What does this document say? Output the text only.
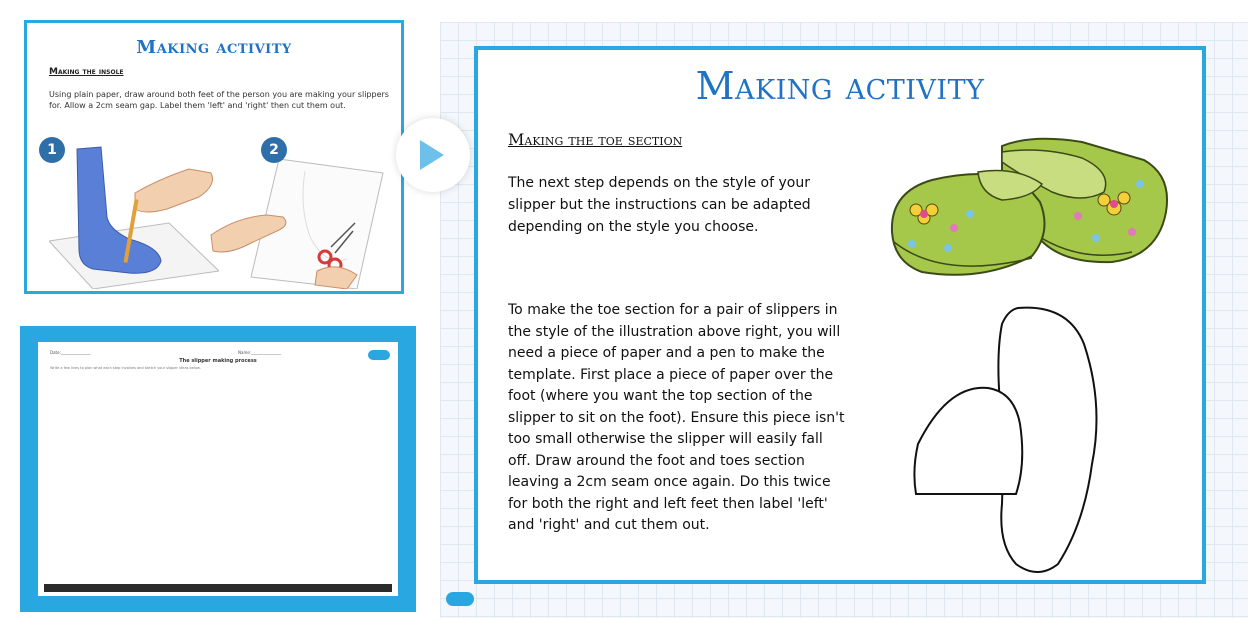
Making activity
Making the insole
Using plain paper, draw around both feet of the person you are making your slippers for. Allow a 2cm seam gap. Label them 'left' and 'right' then cut them out.
1	2
Date:_______________	Name:_______________
The slipper making process
Write a few lines to plan what each step involves and sketch your slipper ideas below.
Making activity
Making the toe section
The next step depends on the style of your slipper but the instructions can be adapted depending on the style you choose.
To make the toe section for a pair of slippers in the style of the illustration above right, you will need a piece of paper and a pen to make the template. First place a piece of paper over the foot (where you want the top section of the slipper to sit on the foot). Ensure this piece isn't too small otherwise the slipper will easily fall off. Draw around the foot and toes section leaving a 2cm seam once again. Do this twice for both the right and left feet then label 'left' and 'right' and cut them out.
